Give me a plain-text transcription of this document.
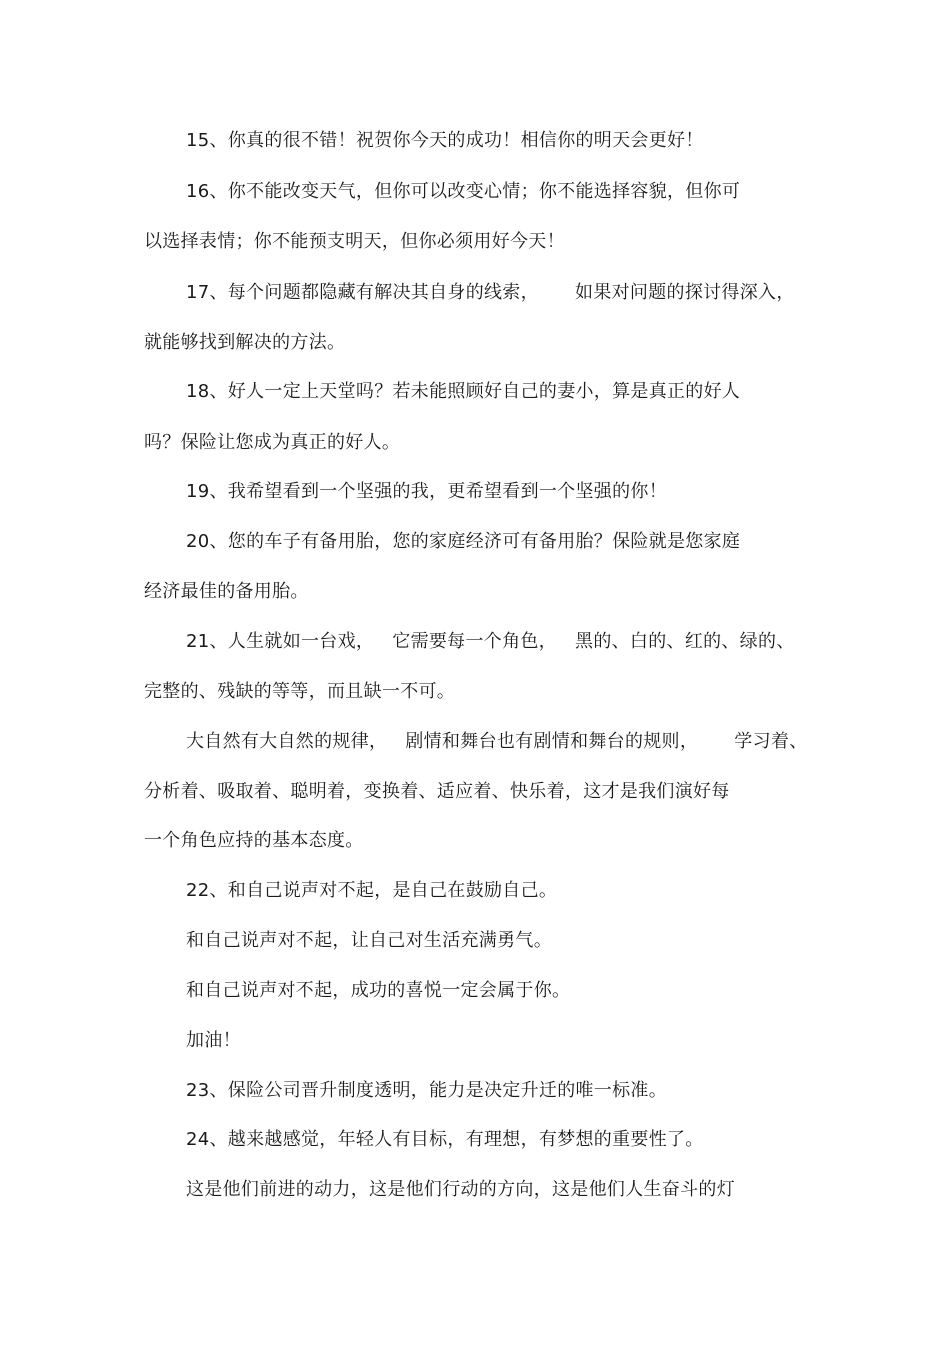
15、你真的很不错！祝贺你今天的成功！相信你的明天会更好！
16、你不能改变天气，但你可以改变心情；你不能选择容貌，但你可
以选择表情；你不能预支明天，但你必须用好今天！
17、每个问题都隐藏有解决其自身的线索，      如果对问题的探讨得深入，
就能够找到解决的方法。
18、好人一定上天堂吗？若未能照顾好自己的妻小，算是真正的好人
吗？保险让您成为真正的好人。
19、我希望看到一个坚强的我，更希望看到一个坚强的你！
20、您的车子有备用胎，您的家庭经济可有备用胎？保险就是您家庭
经济最佳的备用胎。
21、人生就如一台戏，   它需要每一个角色，   黑的、白的、红的、绿的、
完整的、残缺的等等，而且缺一不可。
大自然有大自然的规律，   剧情和舞台也有剧情和舞台的规则，      学习着、
分析着、吸取着、聪明着，变换着、适应着、快乐着，这才是我们演好每
一个角色应持的基本态度。
22、和自己说声对不起，是自己在鼓励自己。
和自己说声对不起，让自己对生活充满勇气。
和自己说声对不起，成功的喜悦一定会属于你。
加油！
23、保险公司晋升制度透明，能力是决定升迁的唯一标准。
24、越来越感觉，年轻人有目标，有理想，有梦想的重要性了。
这是他们前进的动力，这是他们行动的方向，这是他们人生奋斗的灯
